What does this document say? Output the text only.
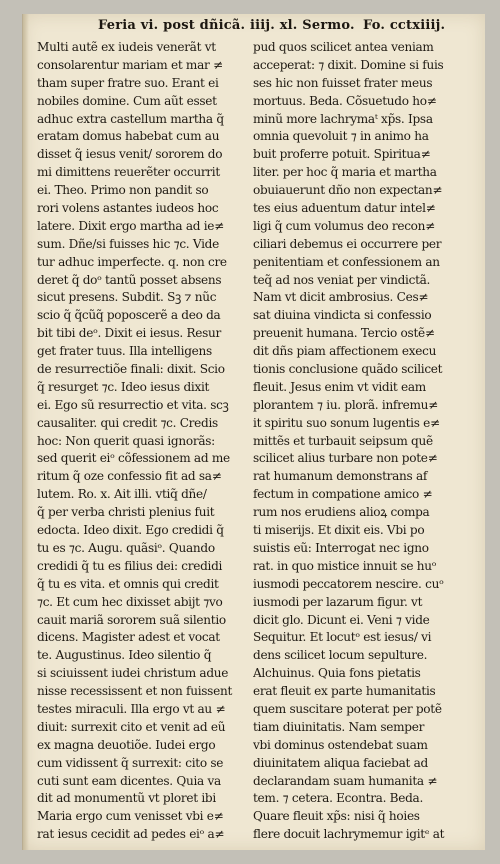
Feria vi. post dñicã. iiij. xl. Sermo. Fo. cctxiiij.
Multi autẽ ex iudeis venerãt vt
consolarentur mariam et mar ≠
tham super fratre suo. Erant ei
nobiles domine. Cum aũt esset
adhuc extra castellum martha q̃
eratam domus habebat cum au
disset q̃ iesus venit/ sororem do
mi dimittens reuerẽter occurrit
ei. Theo. Primo non pandit so
rori volens astantes iudeos hoc
latere. Dixit ergo martha ad ie≠
sum. Dñe/si fuisses hic ⁊c. Vide
tur adhuc imperfecte. q. non cre
deret q̃ doᵒ tantũ posset absens
sicut presens. Subdit. Sꝫ ⁊ nũc
scio q̃ q̃cũq̃ poposcerẽ a deo da
bit tibi deᵒ. Dixit ei iesus. Resur
get frater tuus. Illa intelligens
de resurrectiõe finali: dixit. Scio
q̃ resurget ⁊c. Ideo iesus dixit
ei. Ego sũ resurrectio et vita. scꝫ
causaliter. qui credit ⁊c. Credis
hoc: Non querit quasi ignorãs:
sed querit eiᵒ cõfessionem ad me
ritum q̃ oze confessio fit ad sa≠
lutem. Ro. x. Ait illi. vtiq̃ dñe/
q̃ per verba christi plenius fuit
edocta. Ideo dixit. Ego credidi q̃
tu es ⁊c. Augu. quãsiᵒ. Quando
credidi q̃ tu es filius dei: credidi
q̃ tu es vita. et omnis qui credit
⁊c. Et cum hec dixisset abijt ⁊vo
cauit mariã sororem suã silentio
dicens. Magister adest et vocat
te. Augustinus. Ideo silentio q̃
si sciuissent iudei christum adue
nisse recessissent et non fuissent
testes miraculi. Illa ergo vt au ≠
diuit: surrexit cito et venit ad eũ
ex magna deuotiõe. Iudei ergo
cum vidissent q̃ surrexit: cito se
cuti sunt eam dicentes. Quia va
dit ad monumentũ vt ploret ibi
Maria ergo cum venisset vbi e≠
rat iesus cecidit ad pedes eiᵒ a≠
pud quos scilicet antea veniam
acceperat: ⁊ dixit. Domine si fuis
ses hic non fuisset frater meus
mortuus. Beda. Cõsuetudo ho≠
minũ more lachrymaᵗ xp̃s. Ipsa
omnia quevoluit ⁊ in animo ha
buit proferre potuit. Spiritua≠
liter. per hoc q̃ maria et martha
obuiauerunt dño non expectan≠
tes eius aduentum datur intel≠
ligi q̃ cum volumus deo recon≠
ciliari debemus ei occurrere per
penitentiam et confessionem an
teq̃ ad nos veniat per vindictã.
Nam vt dicit ambrosius. Ces≠
sat diuina vindicta si confessio
preuenit humana. Tercio ostẽ≠
dit dñs piam affectionem execu
tionis conclusione quãdo scilicet
fleuit. Jesus enim vt vidit eam
plorantem ⁊ iu. plorã. infremu≠
it spiritu suo sonum lugentis e≠
mittẽs et turbauit seipsum quẽ
scilicet alius turbare non pote≠
rat humanum demonstrans af
fectum in compatione amico ≠
rum nos erudiens alioꝝ compa
ti miserijs. Et dixit eis. Vbi po
suistis eũ: Interrogat nec igno
rat. in quo mistice innuit se huᵒ
iusmodi peccatorem nescire. cuᵒ
iusmodi per lazarum figur. vt
dicit glo. Dicunt ei. Veni ⁊ vide
Sequitur. Et locutᵒ est iesus/ vi
dens scilicet locum sepulture.
Alchuinus. Quia fons pietatis
erat fleuit ex parte humanitatis
quem suscitare poterat per potẽ
tiam diuinitatis. Nam semper
vbi dominus ostendebat suam
diuinitatem aliqua faciebat ad
declarandam suam humanita ≠
tem. ⁊ cetera. Econtra. Beda.
Quare fleuit xp̃s: nisi q̃ hoies
flere docuit lachrymemur igitᵉ at
